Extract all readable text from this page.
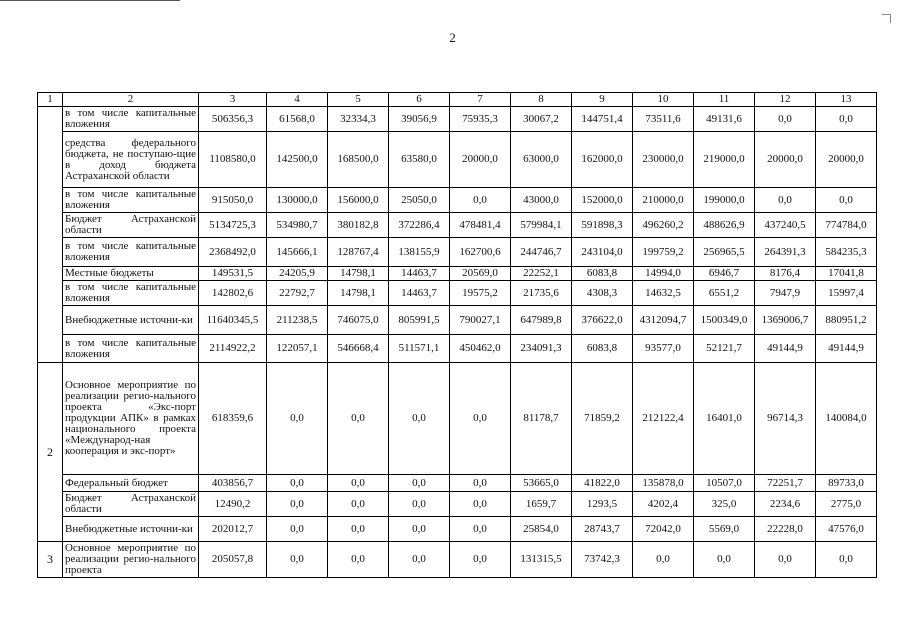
2
1	2	3	4	5	6	7	8	9	10	11	12	13
	в том числе капитальные вложения	506356,3	61568,0	32334,3	39056,9	75935,3	30067,2	144751,4	73511,6	49131,6	0,0	0,0
	средства федерального бюджета, не поступаю-щие в доход бюджета Астраханской области	1108580,0	142500,0	168500,0	63580,0	20000,0	63000,0	162000,0	230000,0	219000,0	20000,0	20000,0
	в том числе капитальные вложения	915050,0	130000,0	156000,0	25050,0	0,0	43000,0	152000,0	210000,0	199000,0	0,0	0,0
	Бюджет Астраханской области	5134725,3	534980,7	380182,8	372286,4	478481,4	579984,1	591898,3	496260,2	488626,9	437240,5	774784,0
	в том числе капитальные вложения	2368492,0	145666,1	128767,4	138155,9	162700,6	244746,7	243104,0	199759,2	256965,5	264391,3	584235,3
	Местные бюджеты	149531,5	24205,9	14798,1	14463,7	20569,0	22252,1	6083,8	14994,0	6946,7	8176,4	17041,8
	в том числе капитальные вложения	142802,6	22792,7	14798,1	14463,7	19575,2	21735,6	4308,3	14632,5	6551,2	7947,9	15997,4
	Внебюджетные источни-ки	11640345,5	211238,5	746075,0	805991,5	790027,1	647989,8	376622,0	4312094,7	1500349,0	1369006,7	880951,2
	в том числе капитальные вложения	2114922,2	122057,1	546668,4	511571,1	450462,0	234091,3	6083,8	93577,0	52121,7	49144,9	49144,9
2	Основное мероприятие по реализации регио-нального проекта «Экс-порт продукции АПК» в рамках национального проекта «Международ-ная кооперация и экс-порт»	618359,6	0,0	0,0	0,0	0,0	81178,7	71859,2	212122,4	16401,0	96714,3	140084,0
	Федеральный бюджет	403856,7	0,0	0,0	0,0	0,0	53665,0	41822,0	135878,0	10507,0	72251,7	89733,0
	Бюджет Астраханской области	12490,2	0,0	0,0	0,0	0,0	1659,7	1293,5	4202,4	325,0	2234,6	2775,0
	Внебюджетные источни-ки	202012,7	0,0	0,0	0,0	0,0	25854,0	28743,7	72042,0	5569,0	22228,0	47576,0
3	Основное мероприятие по реализации регио-нального проекта	205057,8	0,0	0,0	0,0	0,0	131315,5	73742,3	0,0	0,0	0,0	0,0
